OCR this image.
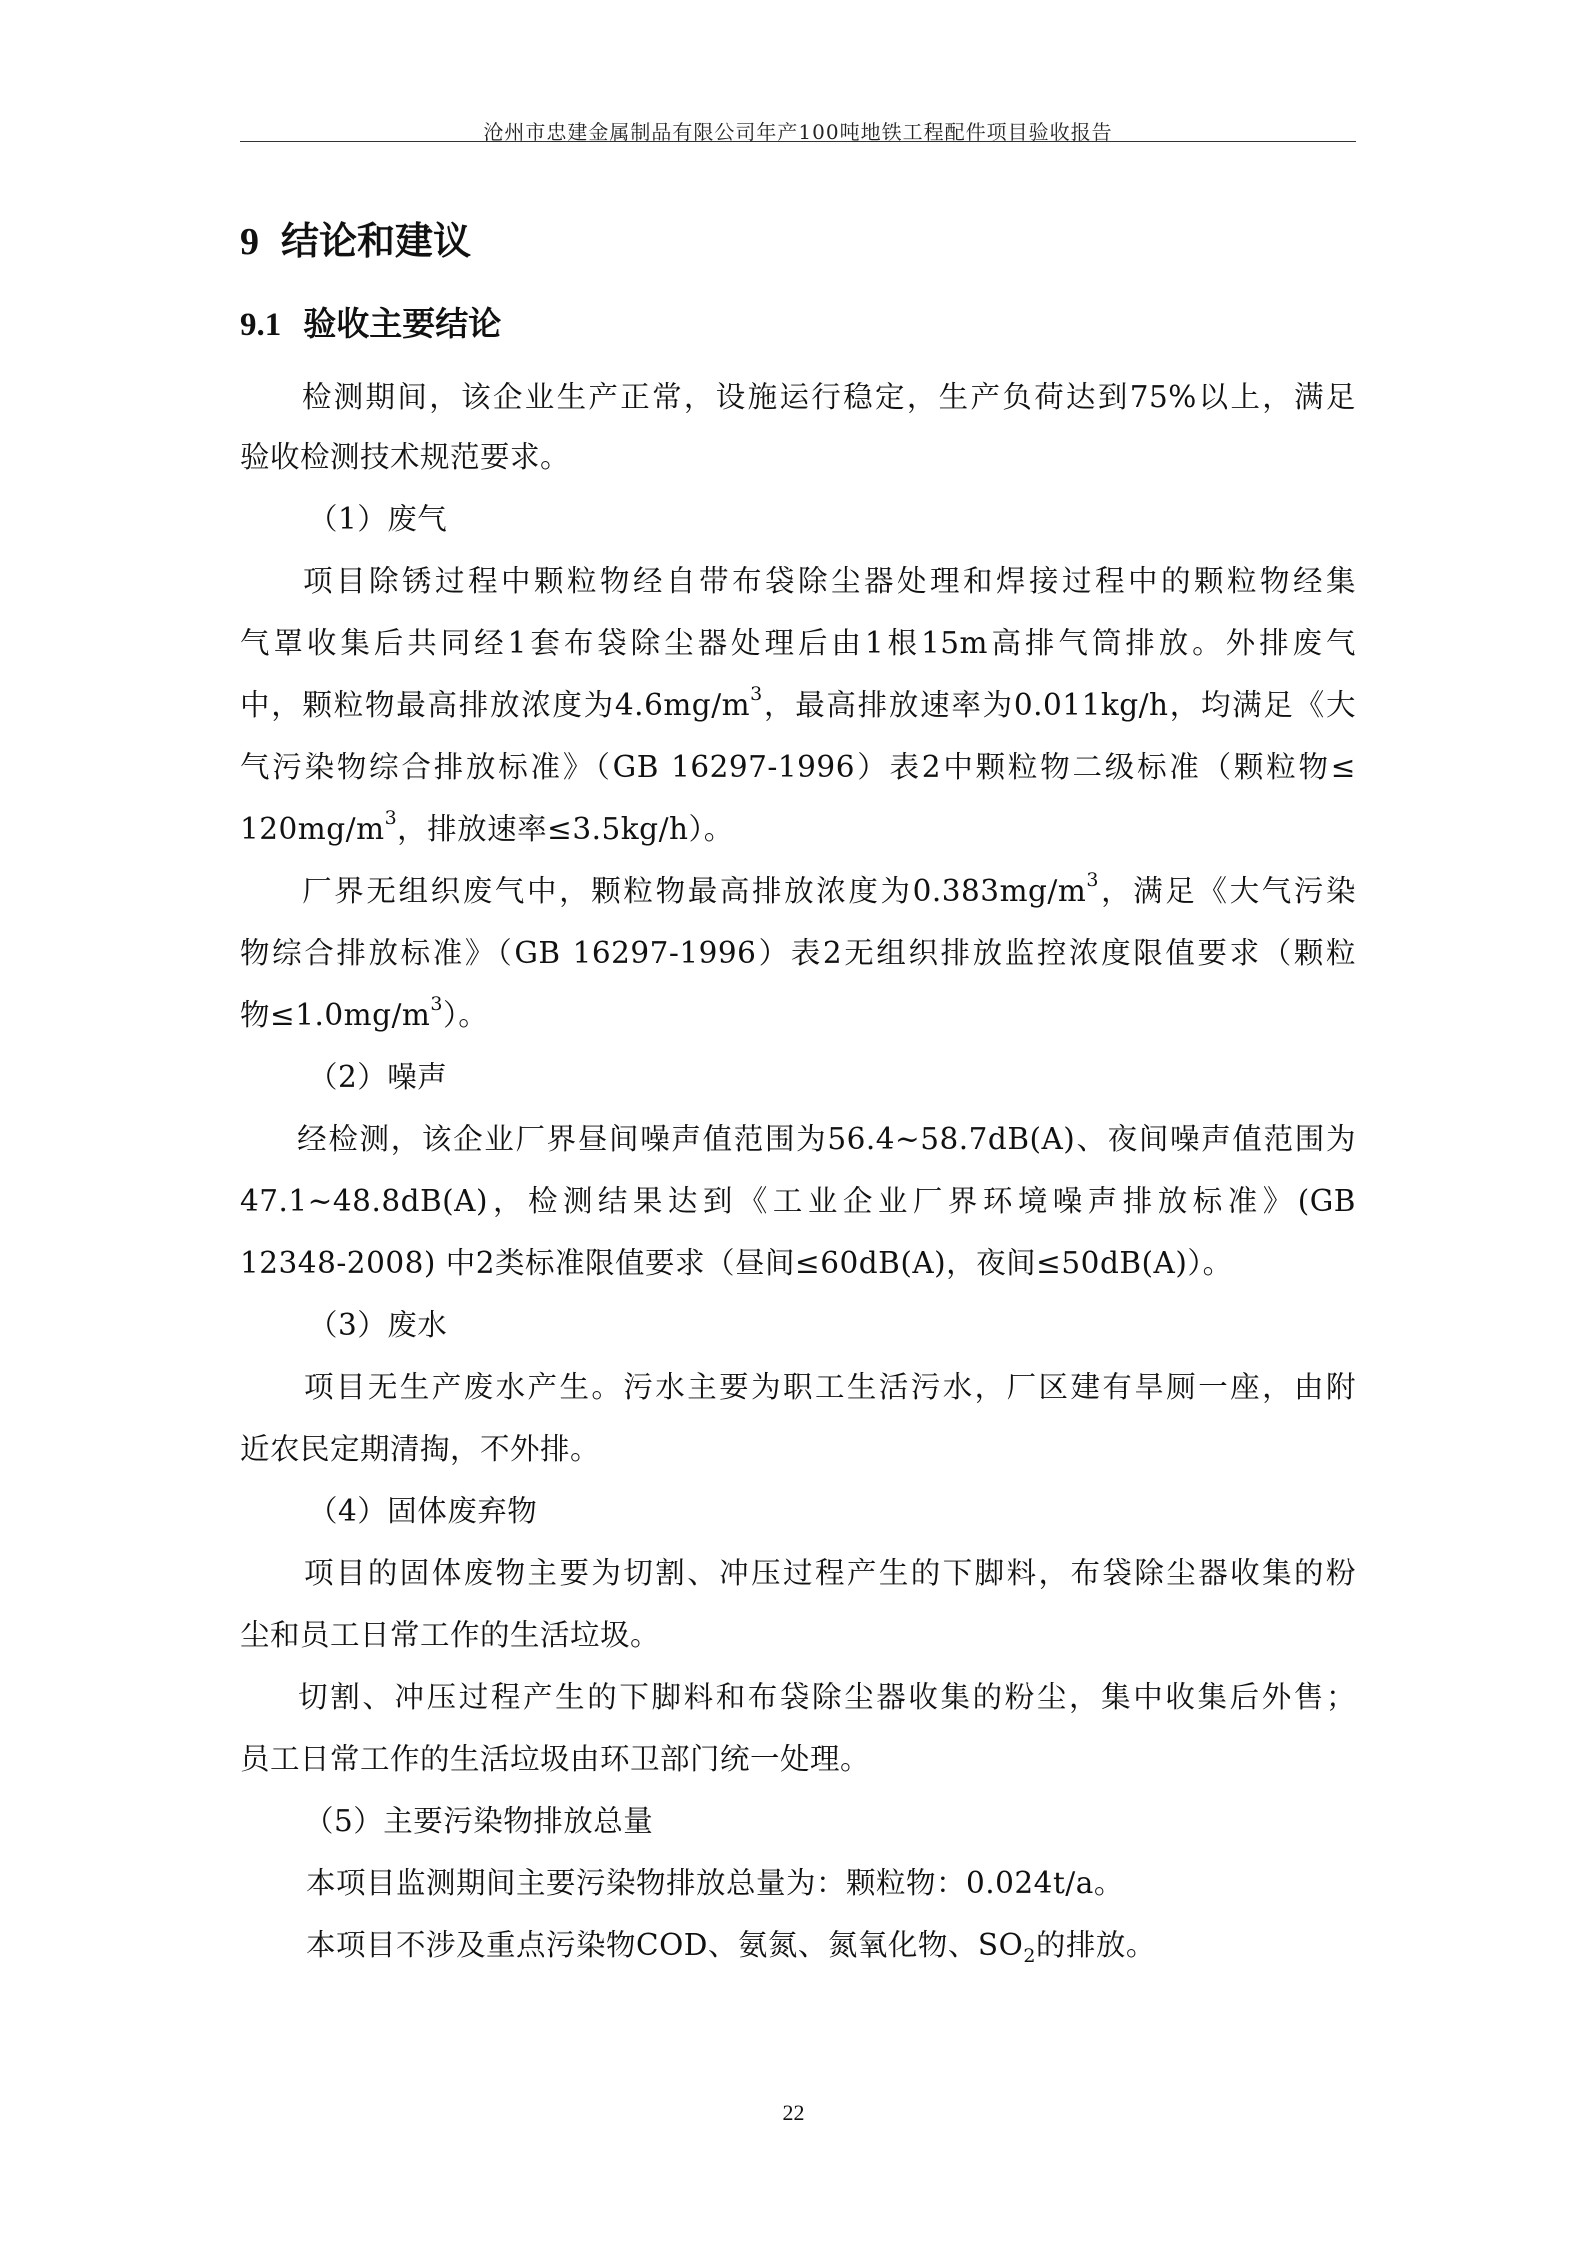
沧州市忠建金属制品有限公司年产100吨地铁工程配件项目验收报告
9 结论和建议
9.1 验收主要结论
检测期间，该企业生产正常，设施运行稳定，生产负荷达到75%以上，满足
验收检测技术规范要求。
（1）废气
项目除锈过程中颗粒物经自带布袋除尘器处理和焊接过程中的颗粒物经集
气罩收集后共同经1套布袋除尘器处理后由1根15m高排气筒排放。外排废气
中，颗粒物最高排放浓度为$4.6mg/m^3$，最高排放速率为0.011kg/h，均满足《大
气污染物综合排放标准》（GB 16297-1996）表2中颗粒物二级标准（颗粒物≤
$120mg/m^3$，排放速率≤3.5kg/h）。
厂界无组织废气中，颗粒物最高排放浓度为$0.383mg/m^3$，满足《大气污染
物综合排放标准》（GB 16297-1996）表2无组织排放监控浓度限值要求（颗粒
物$\le 1.0mg/m^3$）。
（2）噪声
经检测，该企业厂界昼间噪声值范围为56.4~58.7dB(A)、夜间噪声值范围为
47.1~48.8dB(A)，检测结果达到《工业企业厂界环境噪声排放标准》(GB
12348-2008) 中2类标准限值要求（昼间≤60dB(A)，夜间≤50dB(A)）。
（3）废水
项目无生产废水产生。污水主要为职工生活污水，厂区建有旱厕一座，由附
近农民定期清掏，不外排。
（4）固体废弃物
项目的固体废物主要为切割、冲压过程产生的下脚料，布袋除尘器收集的粉
尘和员工日常工作的生活垃圾。
切割、冲压过程产生的下脚料和布袋除尘器收集的粉尘，集中收集后外售；
员工日常工作的生活垃圾由环卫部门统一处理。
（5）主要污染物排放总量
本项目监测期间主要污染物排放总量为：颗粒物：0.024t/a。
本项目不涉及重点污染物COD、氨氮、氮氧化物、$SO_2$的排放。
22
